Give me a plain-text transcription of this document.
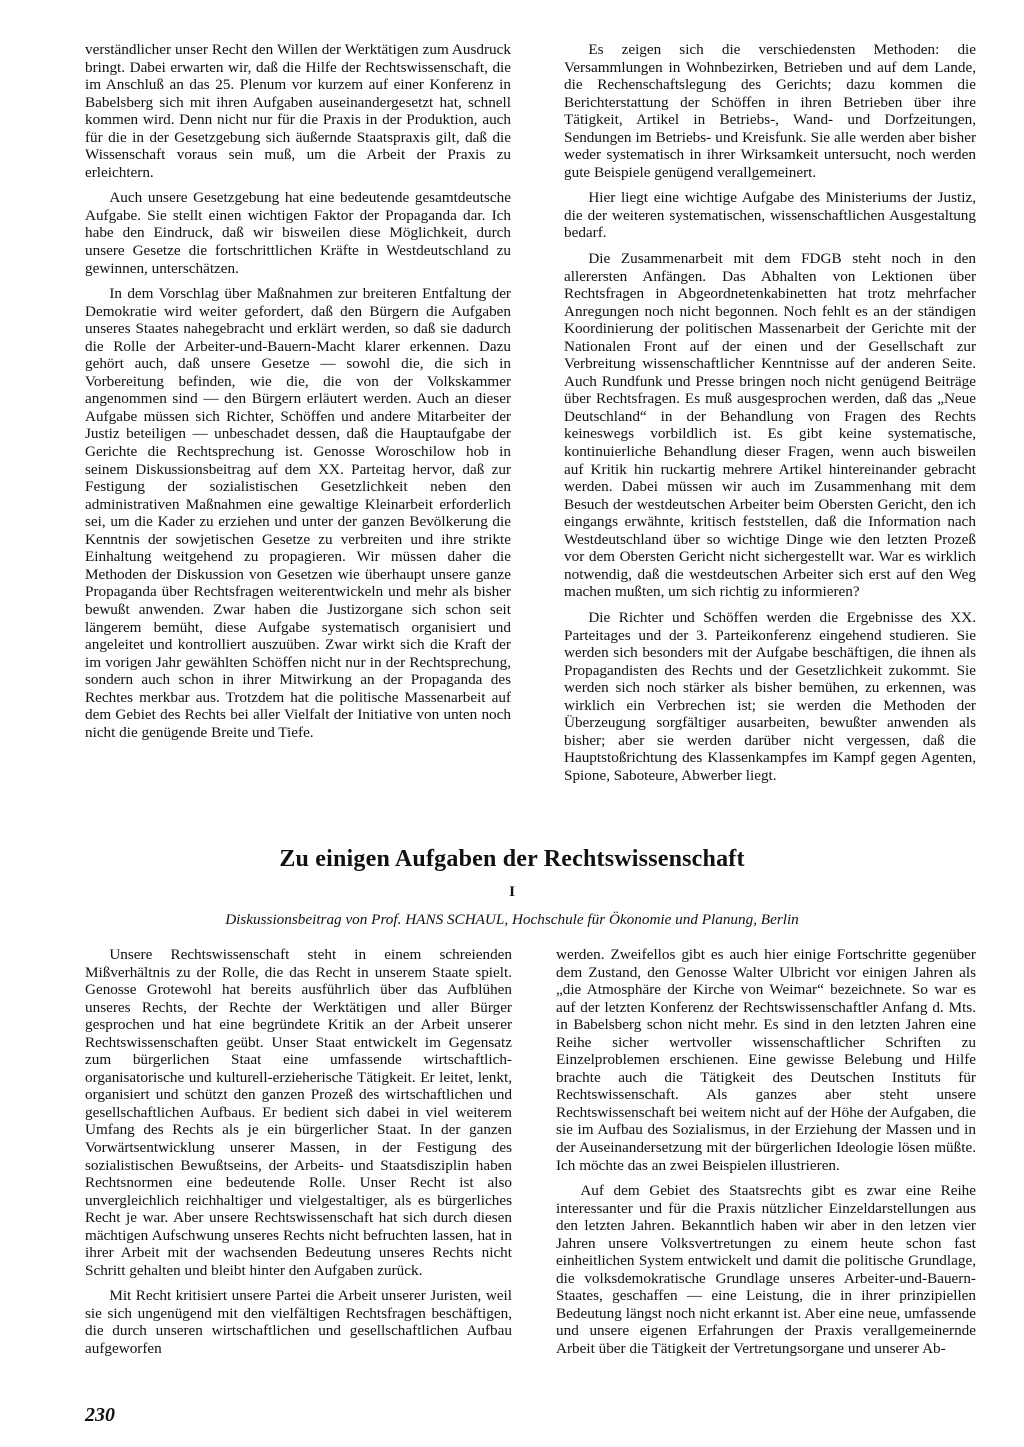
verständlicher unser Recht den Willen der Werktätigen zum Ausdruck bringt. Dabei erwarten wir, daß die Hilfe der Rechtswissenschaft, die im Anschluß an das 25. Plenum vor kurzem auf einer Konferenz in Babelsberg sich mit ihren Aufgaben auseinandergesetzt hat, schnell kommen wird. Denn nicht nur für die Praxis in der Produktion, auch für die in der Gesetzgebung sich äußernde Staatspraxis gilt, daß die Wissenschaft voraus sein muß, um die Arbeit der Praxis zu erleichtern.

Auch unsere Gesetzgebung hat eine bedeutende gesamtdeutsche Aufgabe. Sie stellt einen wichtigen Faktor der Propaganda dar. Ich habe den Eindruck, daß wir bisweilen diese Möglichkeit, durch unsere Gesetze die fortschrittlichen Kräfte in Westdeutschland zu gewinnen, unterschätzen.

In dem Vorschlag über Maßnahmen zur breiteren Entfaltung der Demokratie wird weiter gefordert, daß den Bürgern die Aufgaben unseres Staates nahegebracht und erklärt werden, so daß sie dadurch die Rolle der Arbeiter-und-Bauern-Macht klarer erkennen. Dazu gehört auch, daß unsere Gesetze — sowohl die, die sich in Vorbereitung befinden, wie die, die von der Volkskammer angenommen sind — den Bürgern erläutert werden. Auch an dieser Aufgabe müssen sich Richter, Schöffen und andere Mitarbeiter der Justiz beteiligen — unbeschadet dessen, daß die Hauptaufgabe der Gerichte die Rechtsprechung ist. Genosse Woroschilow hob in seinem Diskussionsbeitrag auf dem XX. Parteitag hervor, daß zur Festigung der sozialistischen Gesetzlichkeit neben den administrativen Maßnahmen eine gewaltige Kleinarbeit erforderlich sei, um die Kader zu erziehen und unter der ganzen Bevölkerung die Kenntnis der sowjetischen Gesetze zu verbreiten und ihre strikte Einhaltung weitgehend zu propagieren. Wir müssen daher die Methoden der Diskussion von Gesetzen wie überhaupt unsere ganze Propaganda über Rechtsfragen weiterentwickeln und mehr als bisher bewußt anwenden. Zwar haben die Justizorgane sich schon seit längerem bemüht, diese Aufgabe systematisch organisiert und angeleitet und kontrolliert auszuüben. Zwar wirkt sich die Kraft der im vorigen Jahr gewählten Schöffen nicht nur in der Rechtsprechung, sondern auch schon in ihrer Mitwirkung an der Propaganda des Rechtes merkbar aus. Trotzdem hat die politische Massenarbeit auf dem Gebiet des Rechts bei aller Vielfalt der Initiative von unten noch nicht die genügende Breite und Tiefe.

Es zeigen sich die verschiedensten Methoden: die Versammlungen in Wohnbezirken, Betrieben und auf dem Lande, die Rechenschaftslegung des Gerichts; dazu kommen die Berichterstattung der Schöffen in ihren Betrieben über ihre Tätigkeit, Artikel in Betriebs-, Wand- und Dorfzeitungen, Sendungen im Betriebs- und Kreisfunk. Sie alle werden aber bisher weder systematisch in ihrer Wirksamkeit untersucht, noch werden gute Beispiele genügend verallgemeinert.

Hier liegt eine wichtige Aufgabe des Ministeriums der Justiz, die der weiteren systematischen, wissenschaftlichen Ausgestaltung bedarf.

Die Zusammenarbeit mit dem FDGB steht noch in den allerersten Anfängen. Das Abhalten von Lektionen über Rechtsfragen in Abgeordnetenkabinetten hat trotz mehrfacher Anregungen noch nicht begonnen. Noch fehlt es an der ständigen Koordinierung der politischen Massenarbeit der Gerichte mit der Nationalen Front auf der einen und der Gesellschaft zur Verbreitung wissenschaftlicher Kenntnisse auf der anderen Seite. Auch Rundfunk und Presse bringen noch nicht genügend Beiträge über Rechtsfragen. Es muß ausgesprochen werden, daß das „Neue Deutschland“ in der Behandlung von Fragen des Rechts keineswegs vorbildlich ist. Es gibt keine systematische, kontinuierliche Behandlung dieser Fragen, wenn auch bisweilen auf Kritik hin ruckartig mehrere Artikel hintereinander gebracht werden. Dabei müssen wir auch im Zusammenhang mit dem Besuch der westdeutschen Arbeiter beim Obersten Gericht, den ich eingangs erwähnte, kritisch feststellen, daß die Information nach Westdeutschland über so wichtige Dinge wie den letzten Prozeß vor dem Obersten Gericht nicht sichergestellt war. War es wirklich notwendig, daß die westdeutschen Arbeiter sich erst auf den Weg machen mußten, um sich richtig zu informieren?

Die Richter und Schöffen werden die Ergebnisse des XX. Parteitages und der 3. Parteikonferenz eingehend studieren. Sie werden sich besonders mit der Aufgabe beschäftigen, die ihnen als Propagandisten des Rechts und der Gesetzlichkeit zukommt. Sie werden sich noch stärker als bisher bemühen, zu erkennen, was wirklich ein Verbrechen ist; sie werden die Methoden der Überzeugung sorgfältiger ausarbeiten, bewußter anwenden als bisher; aber sie werden darüber nicht vergessen, daß die Hauptstoßrichtung des Klassenkampfes im Kampf gegen Agenten, Spione, Saboteure, Abwerber liegt.

Zu einigen Aufgaben der Rechtswissenschaft
I
Diskussionsbeitrag von Prof. HANS SCHAUL, Hochschule für Ökonomie und Planung, Berlin

Unsere Rechtswissenschaft steht in einem schreienden Mißverhältnis zu der Rolle, die das Recht in unserem Staate spielt. Genosse Grotewohl hat bereits ausführlich über das Aufblühen unseres Rechts, der Rechte der Werktätigen und aller Bürger gesprochen und hat eine begründete Kritik an der Arbeit unserer Rechtswissenschaften geübt. Unser Staat entwickelt im Gegensatz zum bürgerlichen Staat eine umfassende wirtschaftlich-organisatorische und kulturell-erzieherische Tätigkeit. Er leitet, lenkt, organisiert und schützt den ganzen Prozeß des wirtschaftlichen und gesellschaftlichen Aufbaus. Er bedient sich dabei in viel weiterem Umfang des Rechts als je ein bürgerlicher Staat. In der ganzen Vorwärtsentwicklung unserer Massen, in der Festigung des sozialistischen Bewußtseins, der Arbeits- und Staatsdisziplin haben Rechtsnormen eine bedeutende Rolle. Unser Recht ist also unvergleichlich reichhaltiger und vielgestaltiger, als es bürgerliches Recht je war. Aber unsere Rechtswissenschaft hat sich durch diesen mächtigen Aufschwung unseres Rechts nicht befruchten lassen, hat in ihrer Arbeit mit der wachsenden Bedeutung unseres Rechts nicht Schritt gehalten und bleibt hinter den Aufgaben zurück.

Mit Recht kritisiert unsere Partei die Arbeit unserer Juristen, weil sie sich ungenügend mit den vielfältigen Rechtsfragen beschäftigen, die durch unseren wirtschaftlichen und gesellschaftlichen Aufbau aufgeworfen

werden. Zweifellos gibt es auch hier einige Fortschritte gegenüber dem Zustand, den Genosse Walter Ulbricht vor einigen Jahren als „die Atmosphäre der Kirche von Weimar“ bezeichnete. So war es auf der letzten Konferenz der Rechtswissenschaftler Anfang d. Mts. in Babelsberg schon nicht mehr. Es sind in den letzten Jahren eine Reihe sicher wertvoller wissenschaftlicher Schriften zu Einzelproblemen erschienen. Eine gewisse Belebung und Hilfe brachte auch die Tätigkeit des Deutschen Instituts für Rechtswissenschaft. Als ganzes aber steht unsere Rechtswissenschaft bei weitem nicht auf der Höhe der Aufgaben, die sie im Aufbau des Sozialismus, in der Erziehung der Massen und in der Auseinandersetzung mit der bürgerlichen Ideologie lösen müßte. Ich möchte das an zwei Beispielen illustrieren.

Auf dem Gebiet des Staatsrechts gibt es zwar eine Reihe interessanter und für die Praxis nützlicher Einzeldarstellungen aus den letzten Jahren. Bekanntlich haben wir aber in den letzen vier Jahren unsere Volksvertretungen zu einem heute schon fast einheitlichen System entwickelt und damit die politische Grundlage, die volksdemokratische Grundlage unseres Arbeiter-und-Bauern-Staates, geschaffen — eine Leistung, die in ihrer prinzipiellen Bedeutung längst noch nicht erkannt ist. Aber eine neue, umfassende und unsere eigenen Erfahrungen der Praxis verallgemeinernde Arbeit über die Tätigkeit der Vertretungsorgane und unserer Ab-

230
